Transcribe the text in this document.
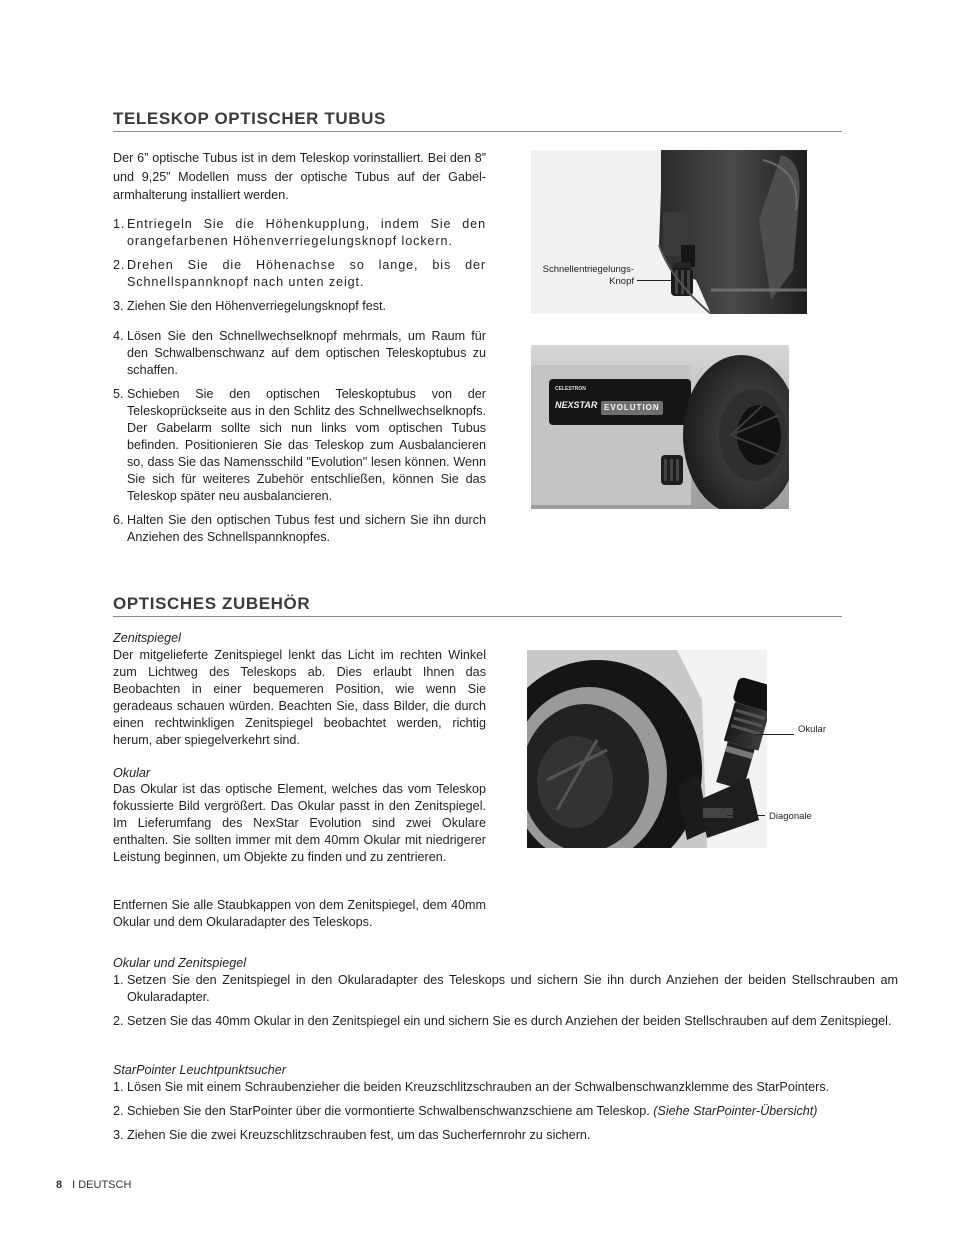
TELESKOP OPTISCHER TUBUS
Der 6” optische Tubus ist in dem Teleskop vorinstalliert. Bei den 8” und 9,25” Modellen muss der optische Tubus auf der Gabelarmhalterung installiert werden.
1. Entriegeln Sie die Höhenkupplung, indem Sie den orangefarbenen Höhenverriegelungsknopf lockern.
2. Drehen Sie die Höhenachse so lange, bis der Schnellspannknopf nach unten zeigt.
3. Ziehen Sie den Höhenverriegelungsknopf fest.
4. Lösen Sie den Schnellwechselknopf mehrmals, um Raum für den Schwalbenschwanz auf dem optischen Teleskoptubus zu schaffen.
5. Schieben Sie den optischen Teleskoptubus von der Teleskoprückseite aus in den Schlitz des Schnellwechselknopfs. Der Gabelarm sollte sich nun links vom optischen Tubus befinden. Positionieren Sie das Teleskop zum Ausbalancieren so, dass Sie das Namensschild "Evolution" lesen können. Wenn Sie sich für weiteres Zubehör entschließen, können Sie das Teleskop später neu ausbalancieren.
6. Halten Sie den optischen Tubus fest und sichern Sie ihn durch Anziehen des Schnellspannknopfes.
Schnellentriegelungs-
Knopf
CELESTRON
NEXSTAR EVOLUTION
OPTISCHES ZUBEHÖR
Zenitspiegel
Der mitgelieferte Zenitspiegel lenkt das Licht im rechten Winkel zum Lichtweg des Teleskops ab. Dies erlaubt Ihnen das Beobachten in einer bequemeren Position, wie wenn Sie geradeaus schauen würden. Beachten Sie, dass Bilder, die durch einen rechtwinkligen Zenitspiegel beobachtet werden, richtig herum, aber spiegelverkehrt sind.
Okular
Das Okular ist das optische Element, welches das vom Teleskop fokussierte Bild vergrößert. Das Okular passt in den Zenitspiegel. Im Lieferumfang des NexStar Evolution sind zwei Okulare enthalten. Sie sollten immer mit dem 40mm Okular mit niedrigerer Leistung beginnen, um Objekte zu finden und zu zentrieren.
Entfernen Sie alle Staubkappen von dem Zenitspiegel, dem 40mm Okular und dem Okularadapter des Teleskops.
Okular
Diagonale
Okular und Zenitspiegel
1. Setzen Sie den Zenitspiegel in den Okularadapter des Teleskops und sichern Sie ihn durch Anziehen der beiden Stellschrauben am Okularadapter.
2. Setzen Sie das 40mm Okular in den Zenitspiegel ein und sichern Sie es durch Anziehen der beiden Stellschrauben auf dem Zenitspiegel.
StarPointer Leuchtpunktsucher
1. Lösen Sie mit einem Schraubenzieher die beiden Kreuzschlitzschrauben an der Schwalbenschwanzklemme des StarPointers.
2. Schieben Sie den StarPointer über die vormontierte Schwalbenschwanzschiene am Teleskop. (Siehe StarPointer-Übersicht)
3. Ziehen Sie die zwei Kreuzschlitzschrauben fest, um das Sucherfernrohr zu sichern.
8 I DEUTSCH
